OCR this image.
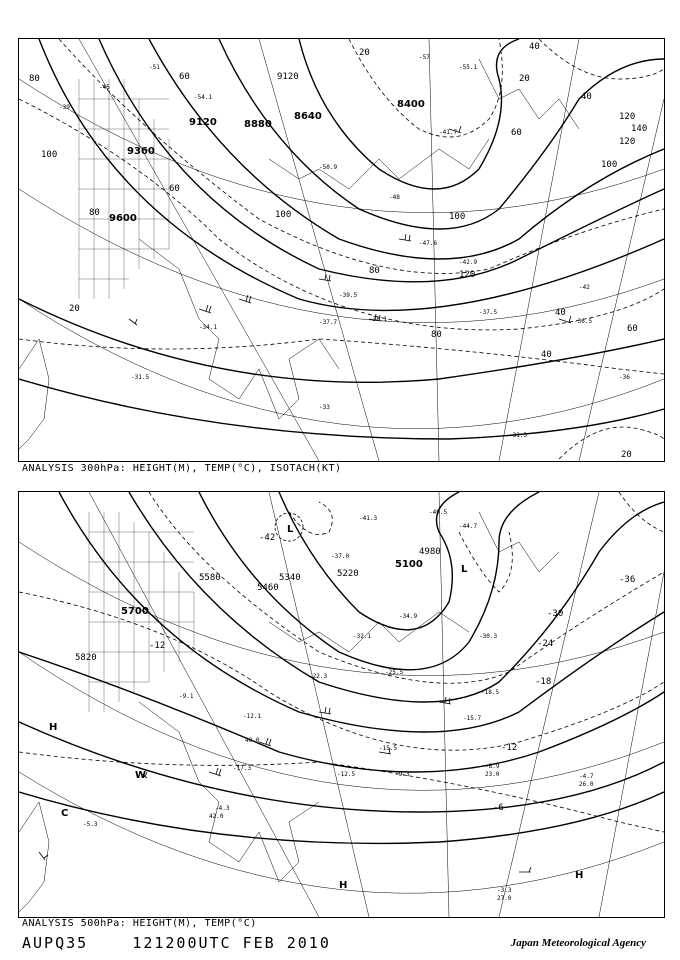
9600
9360
9120	8880
8640
8400
9120
20
40
60
80
100
120
140
20
40
60
80	100
120
100
120
80
60
40
20
20
40
60
80
100
-39
-45
-51	-55.1
-57
-42.9
-47.6
-38.1
-37.7
-34.1
-31.5
-31.3
-36.5
-37.5
-50.9
-54.1
-41.7
-39.5
-33
-36
-48
-42
ANALYSIS 300hPa: HEIGHT(M), TEMP(°C), ISOTACH(KT)
5700
5580
5460
5340	5220
5100
4980
5820
-42
-36
-30
-24
-18
-12
-6
-12
L
L
H
H
H
W
C
-49.5
-44.7
-41.3
-37.0
-34.9
-32.1	-30.3
-25.5
-22.3
-18.5
-15.7
-15.5
-12.5	-9.3
-8.9
-4.7
-3.3
-5.3
-4.3
-9.1
-12.1
-17.3
26.0
23.0
27.0
40.0
42.0
ANALYSIS 500hPa: HEIGHT(M), TEMP(°C)
AUPQ35	121200UTC FEB 2010	Japan Meteorological Agency
